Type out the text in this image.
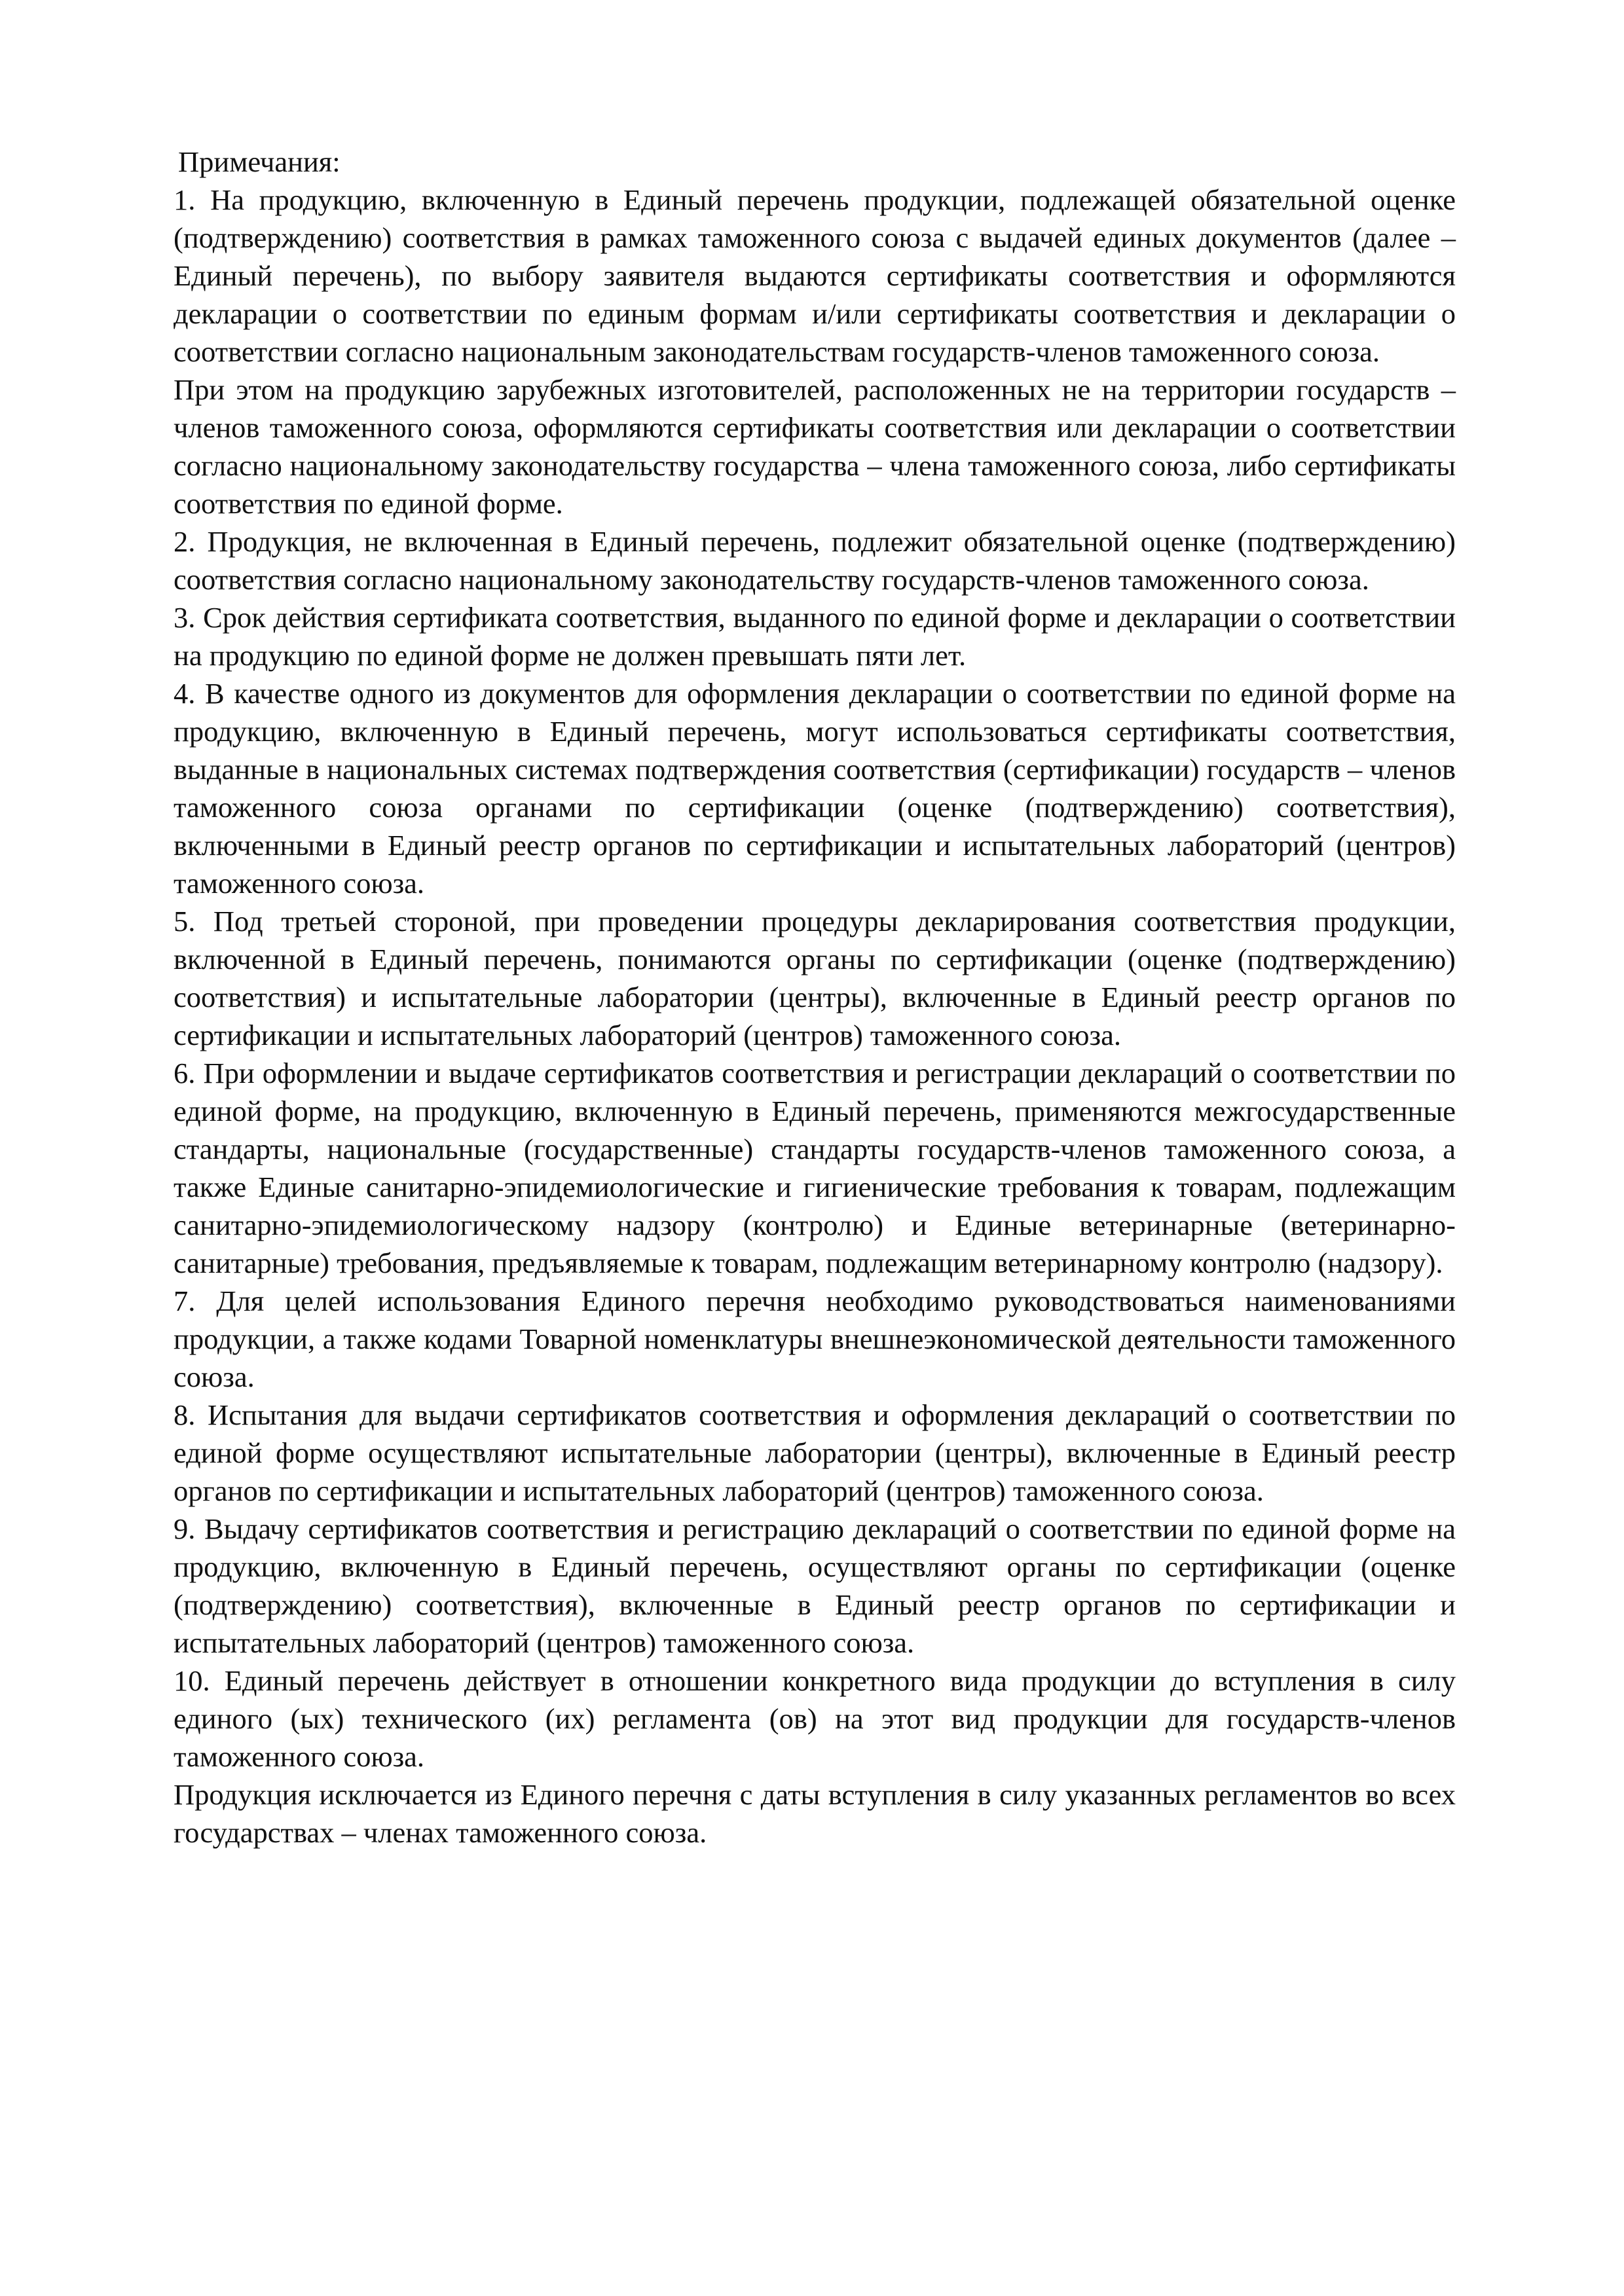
Примечания:

1. На продукцию, включенную в Единый перечень продукции, подлежащей обязательной оценке (подтверждению) соответствия в рамках таможенного союза с выдачей единых документов (далее – Единый перечень), по выбору заявителя выдаются сертификаты соответствия и оформляются декларации о соответствии по единым формам и/или сертификаты соответствия и декларации о соответствии согласно национальным законодательствам государств-членов таможенного союза.

При этом на продукцию зарубежных изготовителей, расположенных не на территории государств – членов таможенного союза, оформляются сертификаты соответствия или декларации о соответствии согласно национальному законодательству государства – члена таможенного союза, либо сертификаты соответствия по единой форме.

2. Продукция, не включенная в Единый перечень, подлежит обязательной оценке (подтверждению) соответствия согласно национальному законодательству государств-членов таможенного союза.

3. Срок действия сертификата соответствия, выданного по единой форме и декларации о соответствии на продукцию по единой форме не должен превышать пяти лет.

4. В качестве одного из документов для оформления декларации о соответствии по единой форме на продукцию, включенную в Единый перечень, могут использоваться сертификаты соответствия, выданные в национальных системах подтверждения соответствия (сертификации) государств – членов таможенного союза органами по сертификации (оценке (подтверждению) соответствия), включенными в Единый реестр органов по сертификации и испытательных лабораторий (центров) таможенного союза.

5. Под третьей стороной, при проведении процедуры декларирования соответствия продукции, включенной в Единый перечень, понимаются органы по сертификации (оценке (подтверждению) соответствия) и испытательные лаборатории (центры), включенные в Единый реестр органов по сертификации и испытательных лабораторий (центров) таможенного союза.

6. При оформлении и выдаче сертификатов соответствия и регистрации деклараций о соответствии по единой форме, на продукцию, включенную в Единый перечень, применяются межгосударственные стандарты, национальные (государственные) стандарты государств-членов таможенного союза, а также Единые санитарно-эпидемиологические и гигиенические требования к товарам, подлежащим санитарно-эпидемиологическому надзору (контролю) и Единые ветеринарные (ветеринарно-санитарные) требования, предъявляемые к товарам, подлежащим ветеринарному контролю (надзору).

7. Для целей использования Единого перечня необходимо руководствоваться наименованиями продукции, а также кодами Товарной номенклатуры внешнеэкономической деятельности таможенного союза.

8. Испытания для выдачи сертификатов соответствия и оформления деклараций о соответствии по единой форме осуществляют испытательные лаборатории (центры), включенные в Единый реестр органов по сертификации и испытательных лабораторий (центров) таможенного союза.

9. Выдачу сертификатов соответствия и регистрацию деклараций о соответствии по единой форме на продукцию, включенную в Единый перечень, осуществляют органы по сертификации (оценке (подтверждению) соответствия), включенные в Единый реестр органов по сертификации и испытательных лабораторий (центров) таможенного союза.

10. Единый перечень действует в отношении конкретного вида продукции до вступления в силу единого (ых) технического (их) регламента (ов) на этот вид продукции для государств-членов таможенного союза.

Продукция исключается из Единого перечня с даты вступления в силу указанных регламентов во всех государствах – членах таможенного союза.
